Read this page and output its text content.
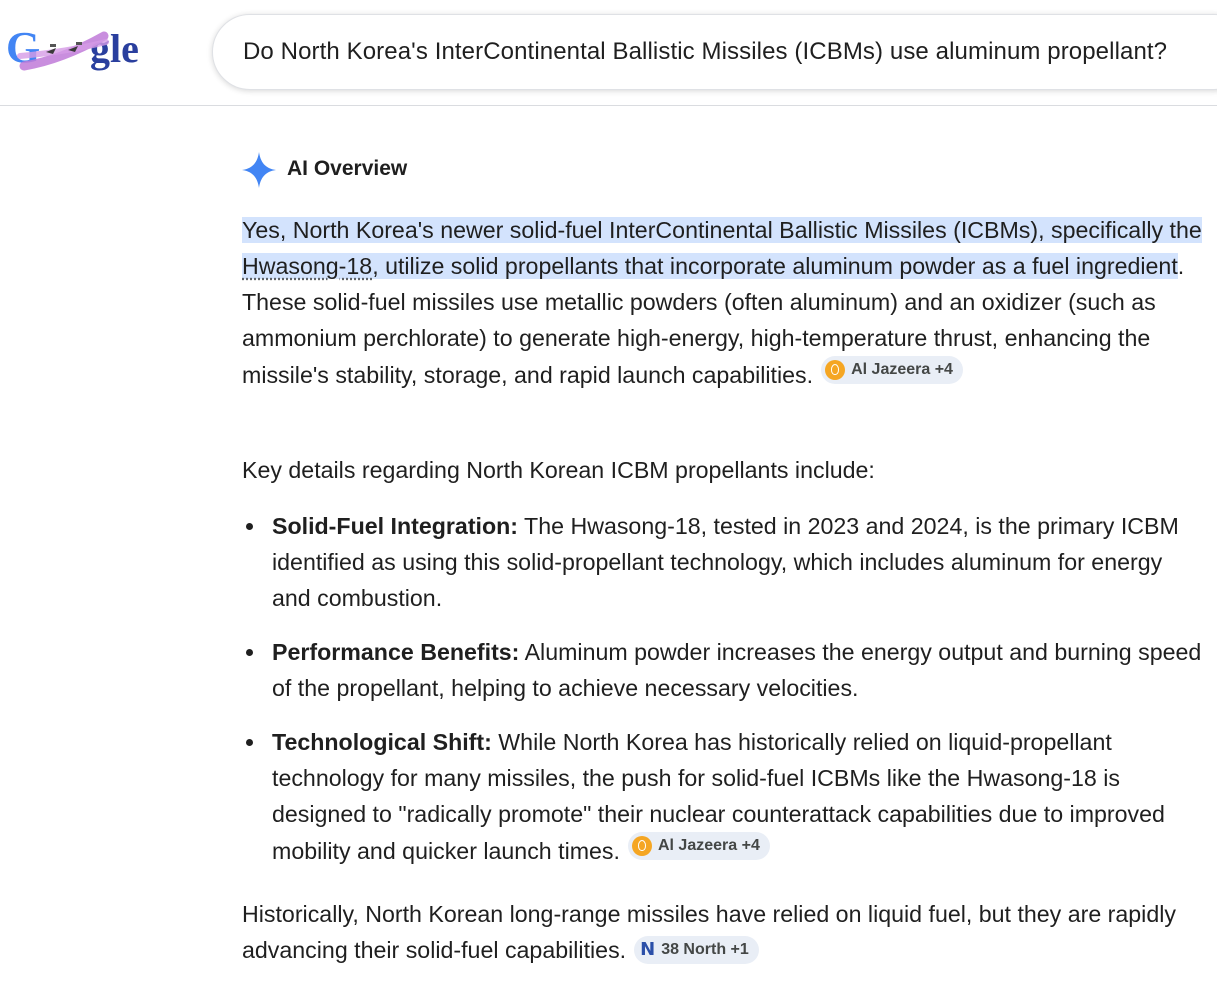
G gle	Do North Korea's InterContinental Ballistic Missiles (ICBMs) use aluminum propellant?
AI Overview

Yes, North Korea's newer solid-fuel InterContinental Ballistic Missiles (ICBMs), specifically the Hwasong-18, utilize solid propellants that incorporate aluminum powder as a fuel ingredient. These solid-fuel missiles use metallic powders (often aluminum) and an oxidizer (such as ammonium perchlorate) to generate high-energy, high-temperature thrust, enhancing the missile's stability, storage, and rapid launch capabilities. Al Jazeera +4

Key details regarding North Korean ICBM propellants include:

Solid-Fuel Integration: The Hwasong-18, tested in 2023 and 2024, is the primary ICBM identified as using this solid-propellant technology, which includes aluminum for energy and combustion.
Performance Benefits: Aluminum powder increases the energy output and burning speed of the propellant, helping to achieve necessary velocities.
Technological Shift: While North Korea has historically relied on liquid-propellant technology for many missiles, the push for solid-fuel ICBMs like the Hwasong-18 is designed to "radically promote" their nuclear counterattack capabilities due to improved mobility and quicker launch times. Al Jazeera +4

Historically, North Korean long-range missiles have relied on liquid fuel, but they are rapidly advancing their solid-fuel capabilities. N 38 North +1
